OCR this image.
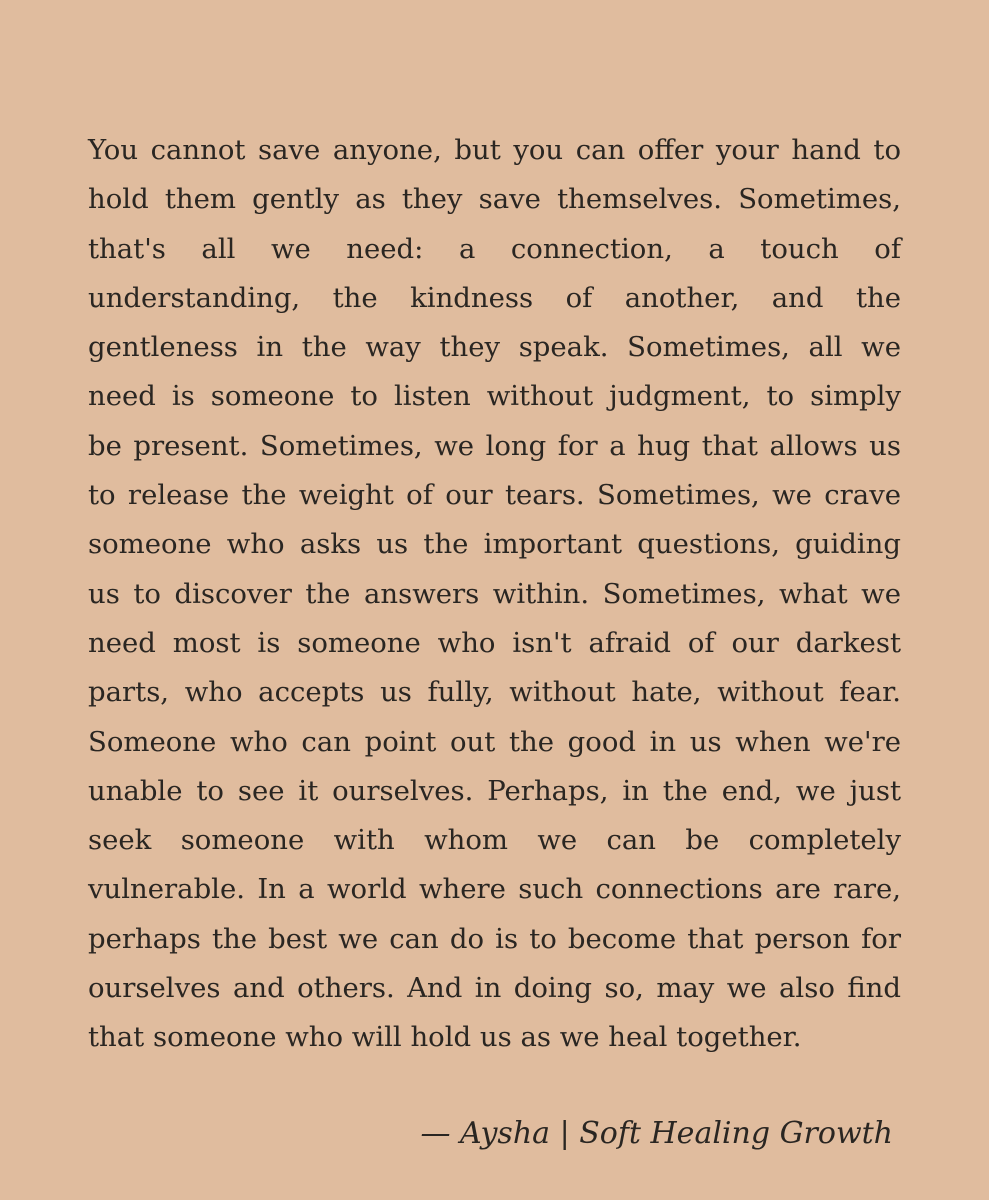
You cannot save anyone, but you can offer your hand to
hold them gently as they save themselves. Sometimes,
that's all we need: a connection, a touch of
understanding, the kindness of another, and the
gentleness in the way they speak. Sometimes, all we
need is someone to listen without judgment, to simply
be present. Sometimes, we long for a hug that allows us
to release the weight of our tears. Sometimes, we crave
someone who asks us the important questions, guiding
us to discover the answers within. Sometimes, what we
need most is someone who isn't afraid of our darkest
parts, who accepts us fully, without hate, without fear.
Someone who can point out the good in us when we're
unable to see it ourselves. Perhaps, in the end, we just
seek someone with whom we can be completely
vulnerable. In a world where such connections are rare,
perhaps the best we can do is to become that person for
ourselves and others. And in doing so, may we also find
that someone who will hold us as we heal together.
— Aysha | Soft Healing Growth
